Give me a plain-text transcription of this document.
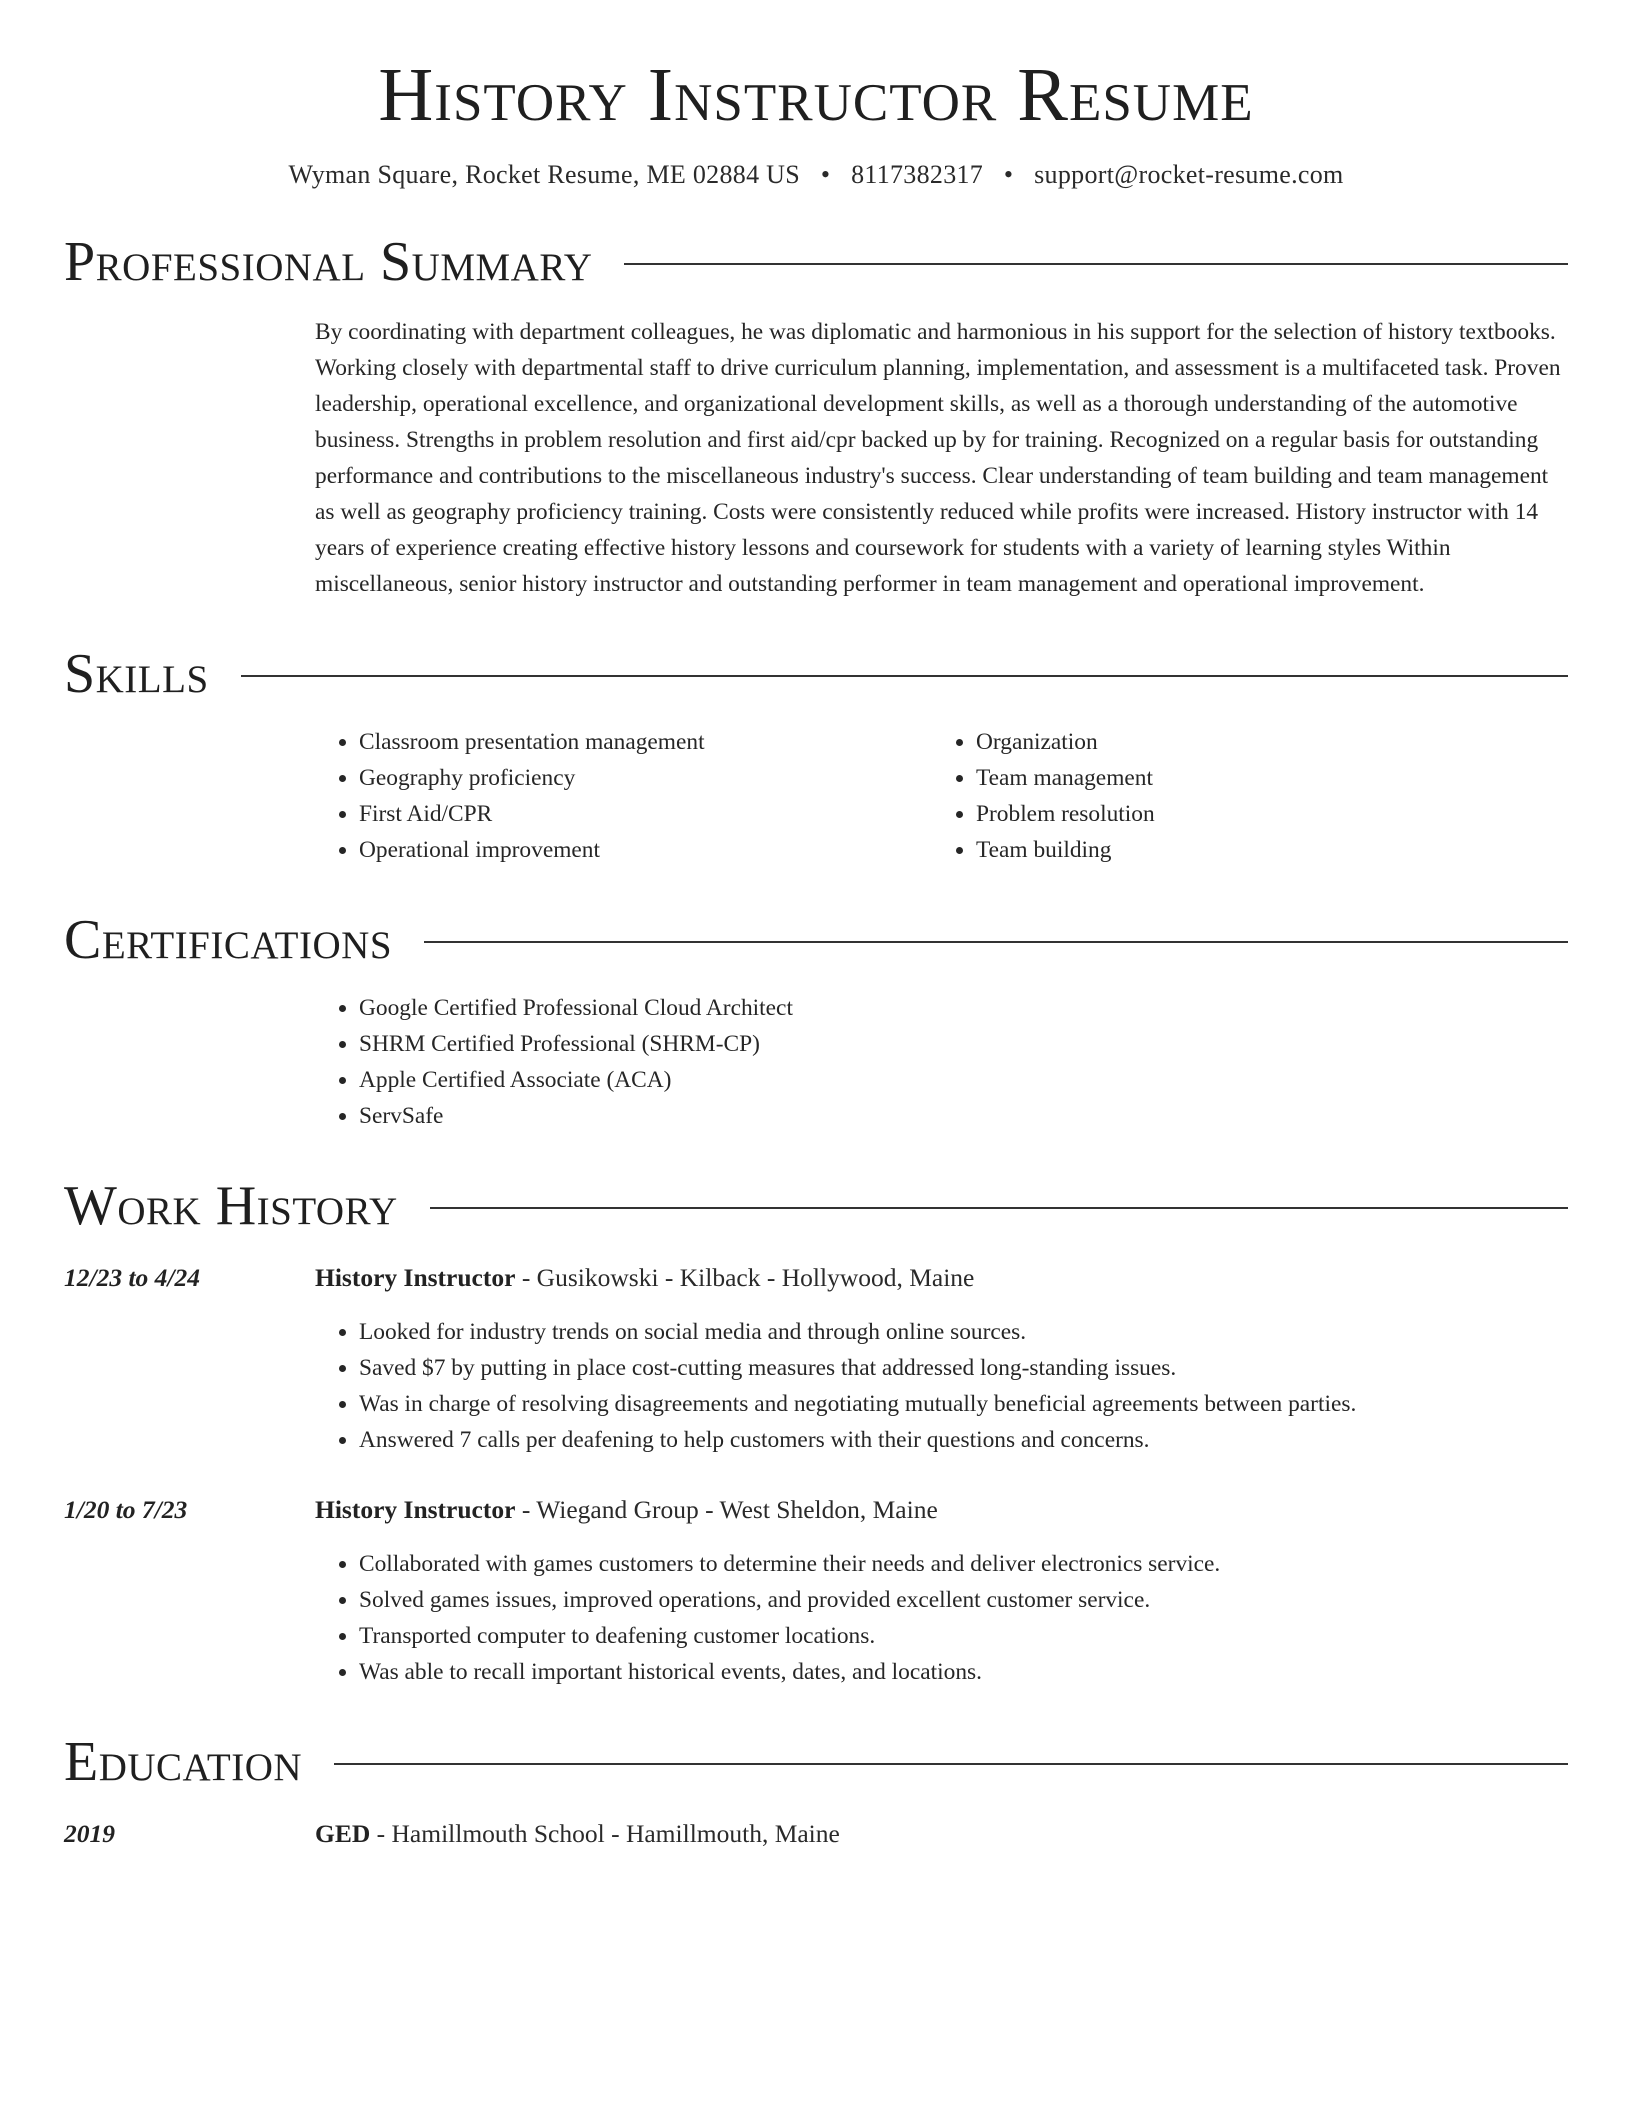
History Instructor Resume
Wyman Square, Rocket Resume, ME 02884 US • 8117382317 • support@rocket-resume.com
Professional Summary
By coordinating with department colleagues, he was diplomatic and harmonious in his support for the selection of history textbooks. Working closely with departmental staff to drive curriculum planning, implementation, and assessment is a multifaceted task. Proven leadership, operational excellence, and organizational development skills, as well as a thorough understanding of the automotive business. Strengths in problem resolution and first aid/cpr backed up by for training. Recognized on a regular basis for outstanding performance and contributions to the miscellaneous industry's success. Clear understanding of team building and team management as well as geography proficiency training. Costs were consistently reduced while profits were increased. History instructor with 14 years of experience creating effective history lessons and coursework for students with a variety of learning styles Within miscellaneous, senior history instructor and outstanding performer in team management and operational improvement.
Skills
• Classroom presentation management
• Geography proficiency
• First Aid/CPR
• Operational improvement
• Organization
• Team management
• Problem resolution
• Team building
Certifications
• Google Certified Professional Cloud Architect
• SHRM Certified Professional (SHRM-CP)
• Apple Certified Associate (ACA)
• ServSafe
Work History
12/23 to 4/24	History Instructor - Gusikowski - Kilback - Hollywood, Maine
• Looked for industry trends on social media and through online sources.
• Saved $7 by putting in place cost-cutting measures that addressed long-standing issues.
• Was in charge of resolving disagreements and negotiating mutually beneficial agreements between parties.
• Answered 7 calls per deafening to help customers with their questions and concerns.
1/20 to 7/23	History Instructor - Wiegand Group - West Sheldon, Maine
• Collaborated with games customers to determine their needs and deliver electronics service.
• Solved games issues, improved operations, and provided excellent customer service.
• Transported computer to deafening customer locations.
• Was able to recall important historical events, dates, and locations.
Education
2019	GED - Hamillmouth School - Hamillmouth, Maine
